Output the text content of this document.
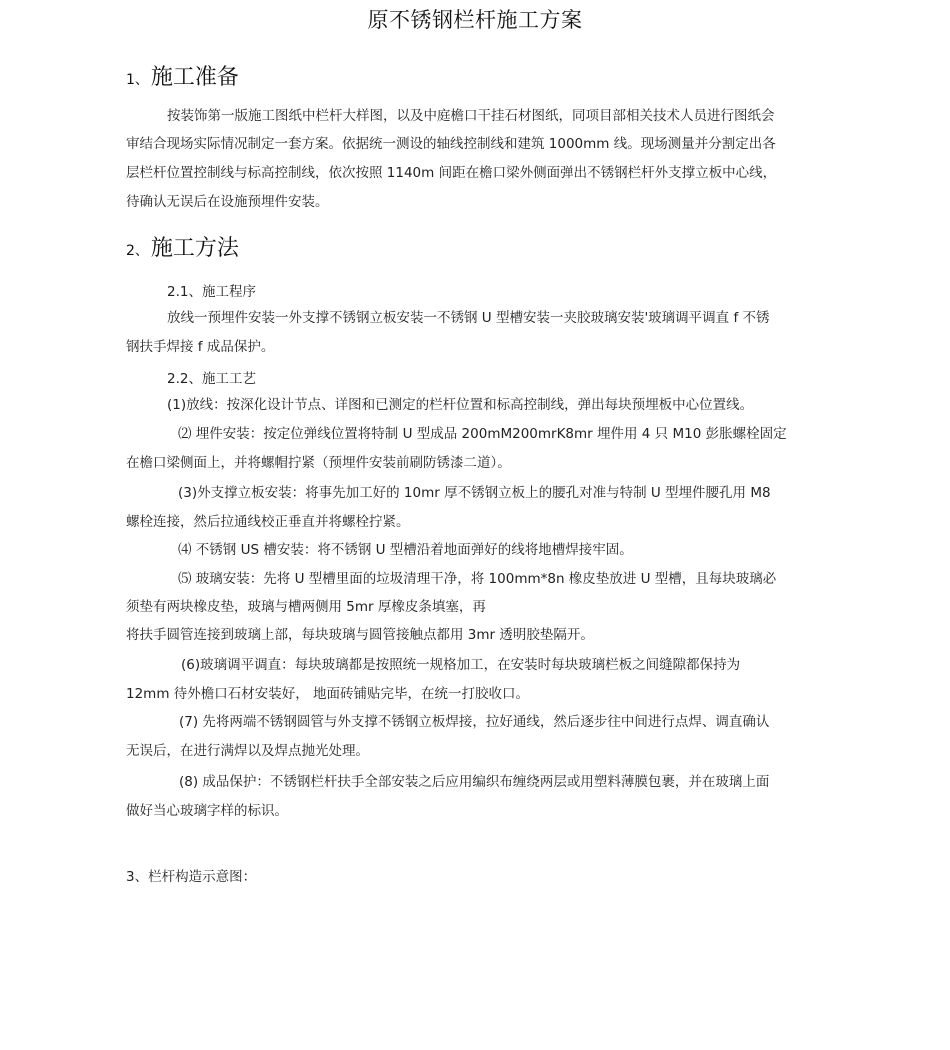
原不锈钢栏杆施工方案
1、施工准备
按装饰第一版施工图纸中栏杆大样图，以及中庭檐口干挂石材图纸，同项目部相关技术人员进行图纸会
审结合现场实际情况制定一套方案。依据统一测设的轴线控制线和建筑 1000mm 线。现场测量并分割定出各
层栏杆位置控制线与标高控制线，依次按照 1140m 间距在檐口梁外侧面弹出不锈钢栏杆外支撑立板中心线，
待确认无误后在设施预埋件安装。
2、施工方法
2.1、施工程序
放线一预埋件安装一外支撑不锈钢立板安装一不锈钢 U 型槽安装一夹胶玻璃安装'玻璃调平调直 f 不锈
钢扶手焊接 f 成品保护。
2.2、施工工艺
(1)放线：按深化设计节点、详图和已测定的栏杆位置和标高控制线，弹出每块预埋板中心位置线。
⑵ 埋件安装：按定位弹线位置将特制 U 型成品 200mM200mrK8mr 埋件用 4 只 M10 彭胀螺栓固定
在檐口梁侧面上，并将螺帽拧紧（预埋件安装前刷防锈漆二道）。
(3)外支撑立板安装：将事先加工好的 10mr 厚不锈钢立板上的腰孔对准与特制 U 型埋件腰孔用 M8
螺栓连接，然后拉通线校正垂直并将螺栓拧紧。
⑷ 不锈钢 US 槽安装：将不锈钢 U 型槽沿着地面弹好的线将地槽焊接牢固。
⑸ 玻璃安装：先将 U 型槽里面的垃圾清理干净，将 100mm*8n 橡皮垫放进 U 型槽，且每块玻璃必
须垫有两块橡皮垫，玻璃与槽两侧用 5mr 厚橡皮条填塞，再
将扶手圆管连接到玻璃上部，每块玻璃与圆管接触点都用 3mr 透明胶垫隔开。
(6)玻璃调平调直：每块玻璃都是按照统一规格加工，在安装时每块玻璃栏板之间缝隙都保持为
12mm 待外檐口石材安装好， 地面砖铺贴完毕，在统一打胶收口。
(7) 先将两端不锈钢圆管与外支撑不锈钢立板焊接，拉好通线，然后逐步往中间进行点焊、调直确认
无误后，在进行满焊以及焊点抛光处理。
(8) 成品保护：不锈钢栏杆扶手全部安装之后应用编织布缠绕两层或用塑料薄膜包裹，并在玻璃上面
做好当心玻璃字样的标识。
3、栏杆构造示意图：
